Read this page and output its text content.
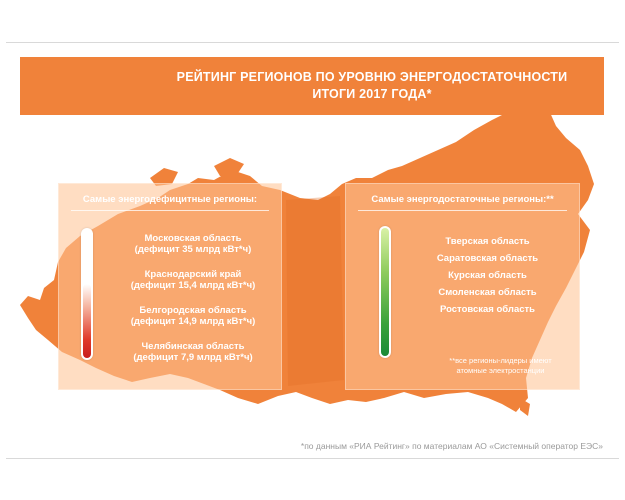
РЕЙТИНГ РЕГИОНОВ ПО УРОВНЮ ЭНЕРГОДОСТАТОЧНОСТИ
ИТОГИ 2017 ГОДА*
Самые энергодефицитные регионы:
Московская область
(дефицит 35 млрд кВт*ч)
Краснодарский край
(дефицит 15,4 млрд кВт*ч)
Белгородская область
(дефицит 14,9 млрд кВт*ч)
Челябинская область
(дефицит 7,9 млрд кВт*ч)
Самые энергодостаточные регионы:**
Тверская область
Саратовская область
Курская область
Смоленская область
Ростовская область
**все регионы-лидеры имеют
атомные электростанции
*по данным «РИА Рейтинг» по материалам АО «Системный оператор ЕЭС»
